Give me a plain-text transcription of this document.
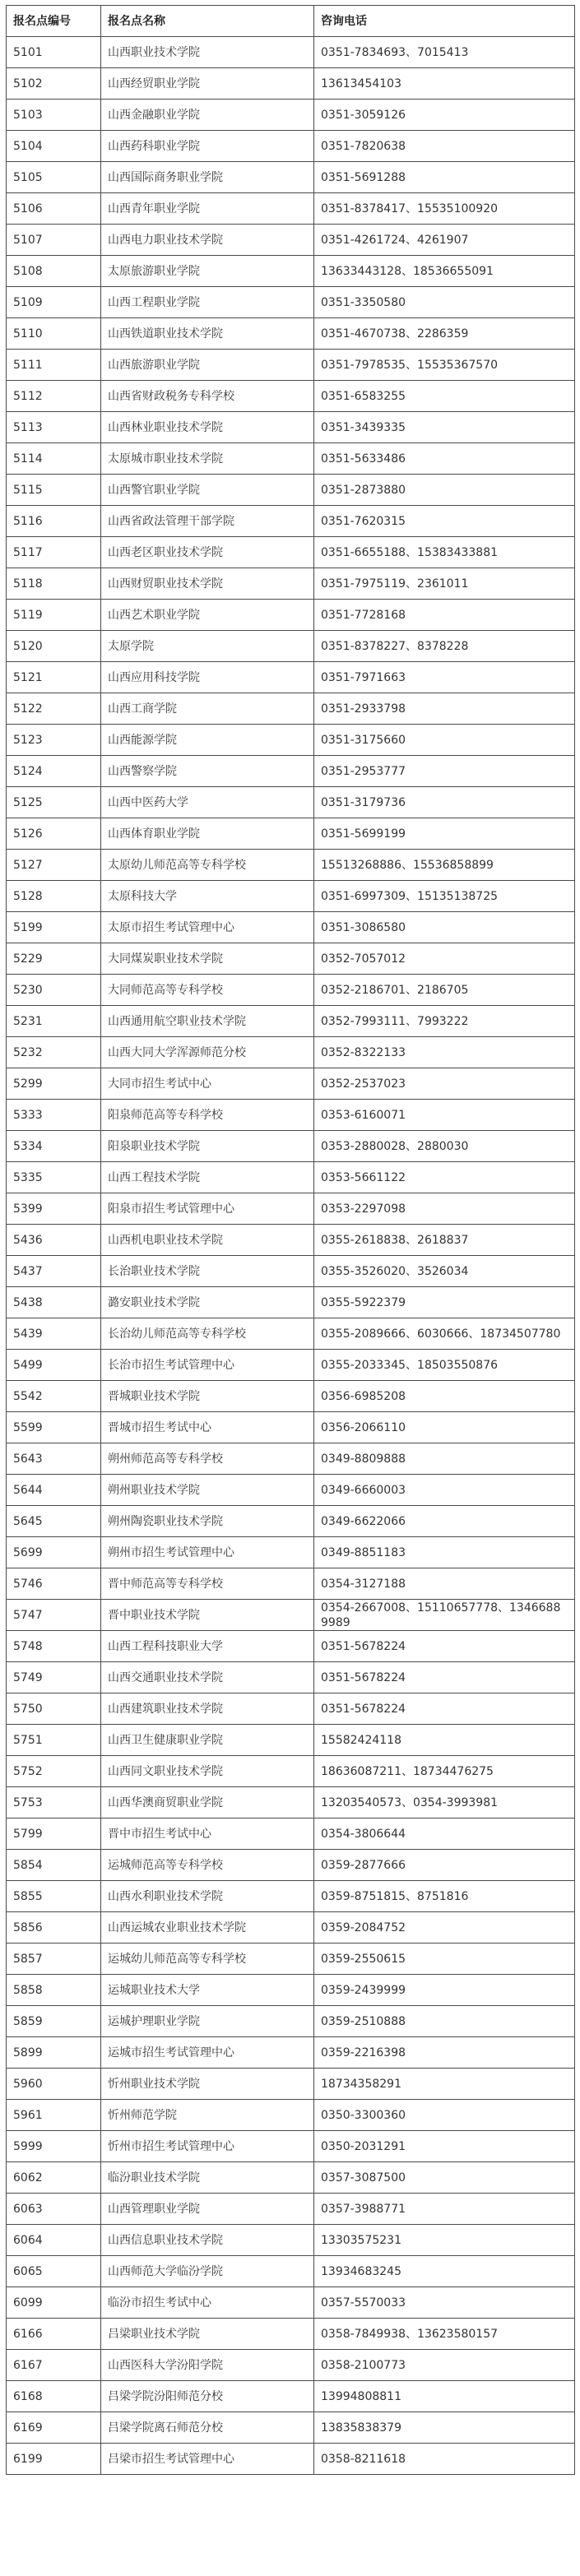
报名点编号	报名点名称	咨询电话
5101	山西职业技术学院	0351-7834693、7015413
5102	山西经贸职业学院	13613454103
5103	山西金融职业学院	0351-3059126
5104	山西药科职业学院	0351-7820638
5105	山西国际商务职业学院	0351-5691288
5106	山西青年职业学院	0351-8378417、15535100920
5107	山西电力职业技术学院	0351-4261724、4261907
5108	太原旅游职业学院	13633443128、18536655091
5109	山西工程职业学院	0351-3350580
5110	山西铁道职业技术学院	0351-4670738、2286359
5111	山西旅游职业学院	0351-7978535、15535367570
5112	山西省财政税务专科学校	0351-6583255
5113	山西林业职业技术学院	0351-3439335
5114	太原城市职业技术学院	0351-5633486
5115	山西警官职业学院	0351-2873880
5116	山西省政法管理干部学院	0351-7620315
5117	山西老区职业技术学院	0351-6655188、15383433881
5118	山西财贸职业技术学院	0351-7975119、2361011
5119	山西艺术职业学院	0351-7728168
5120	太原学院	0351-8378227、8378228
5121	山西应用科技学院	0351-7971663
5122	山西工商学院	0351-2933798
5123	山西能源学院	0351-3175660
5124	山西警察学院	0351-2953777
5125	山西中医药大学	0351-3179736
5126	山西体育职业学院	0351-5699199
5127	太原幼儿师范高等专科学校	15513268886、15536858899
5128	太原科技大学	0351-6997309、15135138725
5199	太原市招生考试管理中心	0351-3086580
5229	大同煤炭职业技术学院	0352-7057012
5230	大同师范高等专科学校	0352-2186701、2186705
5231	山西通用航空职业技术学院	0352-7993111、7993222
5232	山西大同大学浑源师范分校	0352-8322133
5299	大同市招生考试中心	0352-2537023
5333	阳泉师范高等专科学校	0353-6160071
5334	阳泉职业技术学院	0353-2880028、2880030
5335	山西工程技术学院	0353-5661122
5399	阳泉市招生考试管理中心	0353-2297098
5436	山西机电职业技术学院	0355-2618838、2618837
5437	长治职业技术学院	0355-3526020、3526034
5438	潞安职业技术学院	0355-5922379
5439	长治幼儿师范高等专科学校	0355-2089666、6030666、18734507780
5499	长治市招生考试管理中心	0355-2033345、18503550876
5542	晋城职业技术学院	0356-6985208
5599	晋城市招生考试中心	0356-2066110
5643	朔州师范高等专科学校	0349-8809888
5644	朔州职业技术学院	0349-6660003
5645	朔州陶瓷职业技术学院	0349-6622066
5699	朔州市招生考试管理中心	0349-8851183
5746	晋中师范高等专科学校	0354-3127188
5747	晋中职业技术学院	0354-2667008、15110657778、13466889989
5748	山西工程科技职业大学	0351-5678224
5749	山西交通职业技术学院	0351-5678224
5750	山西建筑职业技术学院	0351-5678224
5751	山西卫生健康职业学院	15582424118
5752	山西同文职业技术学院	18636087211、18734476275
5753	山西华澳商贸职业学院	13203540573、0354-3993981
5799	晋中市招生考试中心	0354-3806644
5854	运城师范高等专科学校	0359-2877666
5855	山西水利职业技术学院	0359-8751815、8751816
5856	山西运城农业职业技术学院	0359-2084752
5857	运城幼儿师范高等专科学校	0359-2550615
5858	运城职业技术大学	0359-2439999
5859	运城护理职业学院	0359-2510888
5899	运城市招生考试管理中心	0359-2216398
5960	忻州职业技术学院	18734358291
5961	忻州师范学院	0350-3300360
5999	忻州市招生考试管理中心	0350-2031291
6062	临汾职业技术学院	0357-3087500
6063	山西管理职业学院	0357-3988771
6064	山西信息职业技术学院	13303575231
6065	山西师范大学临汾学院	13934683245
6099	临汾市招生考试中心	0357-5570033
6166	吕梁职业技术学院	0358-7849938、13623580157
6167	山西医科大学汾阳学院	0358-2100773
6168	吕梁学院汾阳师范分校	13994808811
6169	吕梁学院离石师范分校	13835838379
6199	吕梁市招生考试管理中心	0358-8211618
